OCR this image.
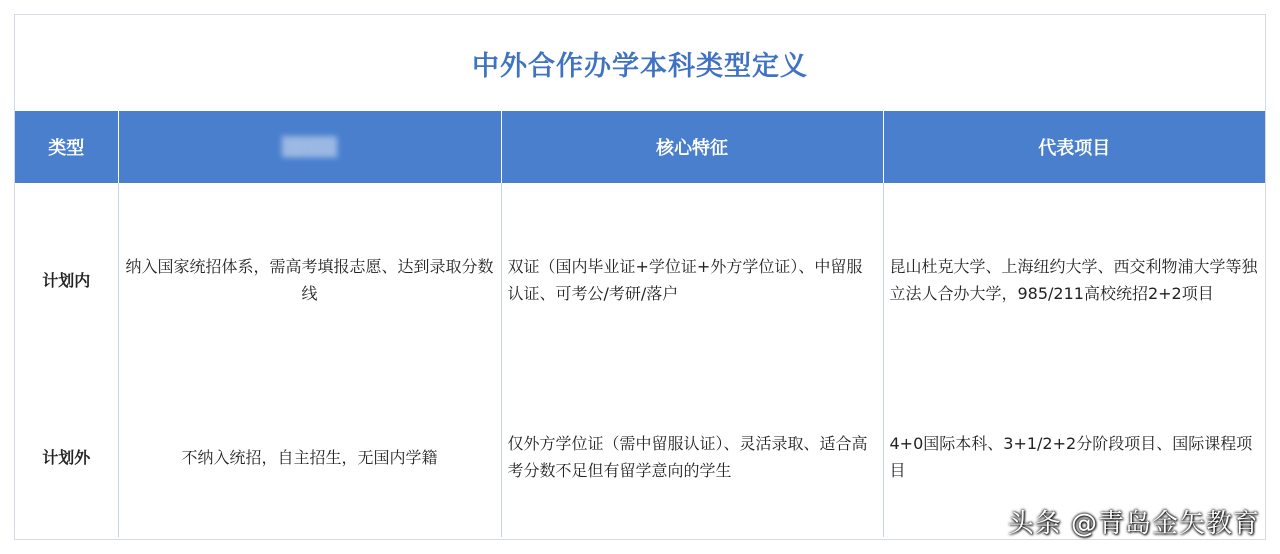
中外合作办学本科类型定义
类型	▒▒▒▒	核心特征	代表项目
计划内	纳入国家统招体系，需高考填报志愿、达到录取分数线	双证（国内毕业证+学位证+外方学位证）、中留服认证、可考公/考研/落户	昆山杜克大学、上海纽约大学、西交利物浦大学等独立法人合办大学，985/211高校统招2+2项目
计划外	不纳入统招，自主招生，无国内学籍	仅外方学位证（需中留服认证）、灵活录取、适合高考分数不足但有留学意向的学生	4+0国际本科、3+1/2+2分阶段项目、国际课程项目
头条 @青岛金矢教育
